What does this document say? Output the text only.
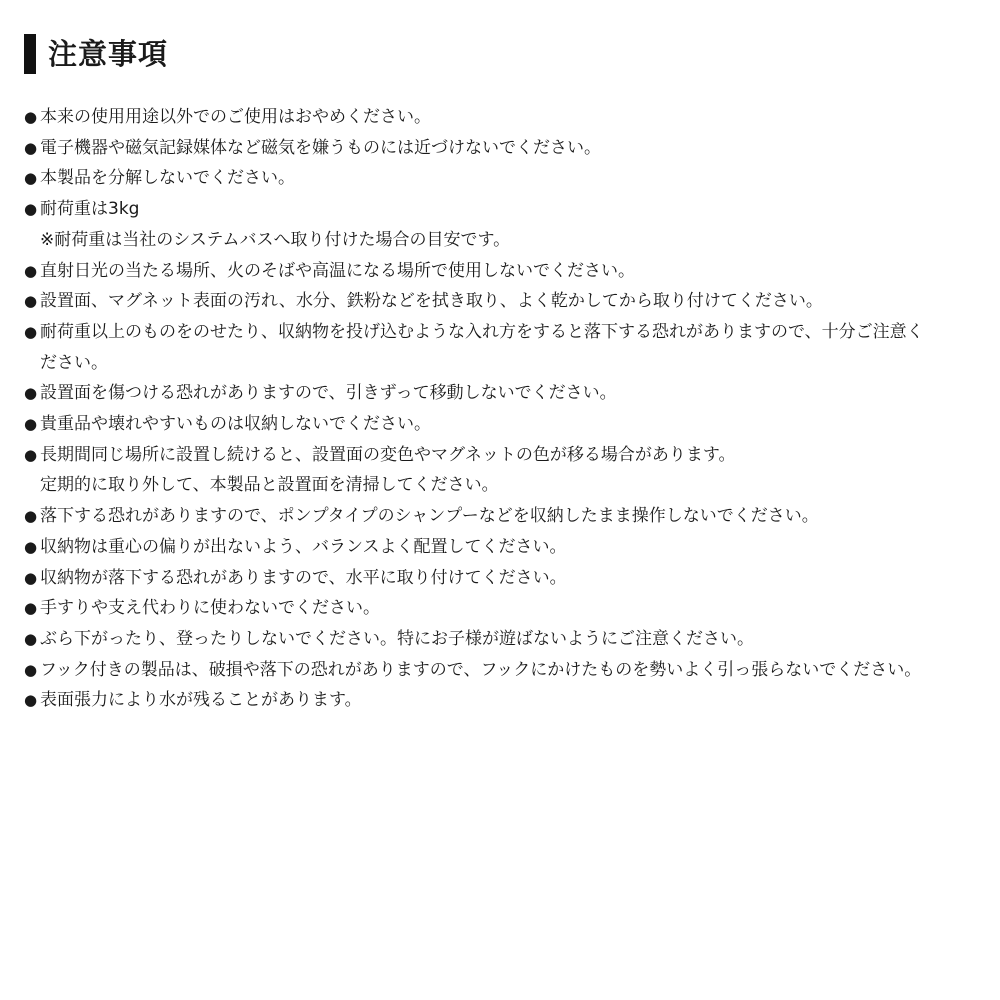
注意事項
● 本来の使用用途以外でのご使用はおやめください。
● 電子機器や磁気記録媒体など磁気を嫌うものには近づけないでください。
● 本製品を分解しないでください。
● 耐荷重は3kg
※耐荷重は当社のシステムバスへ取り付けた場合の目安です。
● 直射日光の当たる場所、火のそばや高温になる場所で使用しないでください。
● 設置面、マグネット表面の汚れ、水分、鉄粉などを拭き取り、よく乾かしてから取り付けてください。
● 耐荷重以上のものをのせたり、収納物を投げ込むような入れ方をすると落下する恐れがありますので、十分ご注意く
ださい。
● 設置面を傷つける恐れがありますので、引きずって移動しないでください。
● 貴重品や壊れやすいものは収納しないでください。
● 長期間同じ場所に設置し続けると、設置面の変色やマグネットの色が移る場合があります。
定期的に取り外して、本製品と設置面を清掃してください。
● 落下する恐れがありますので、ポンプタイプのシャンプーなどを収納したまま操作しないでください。
● 収納物は重心の偏りが出ないよう、バランスよく配置してください。
● 収納物が落下する恐れがありますので、水平に取り付けてください。
● 手すりや支え代わりに使わないでください。
● ぶら下がったり、登ったりしないでください。特にお子様が遊ばないようにご注意ください。
● フック付きの製品は、破損や落下の恐れがありますので、フックにかけたものを勢いよく引っ張らないでください。
● 表面張力により水が残ることがあります。
